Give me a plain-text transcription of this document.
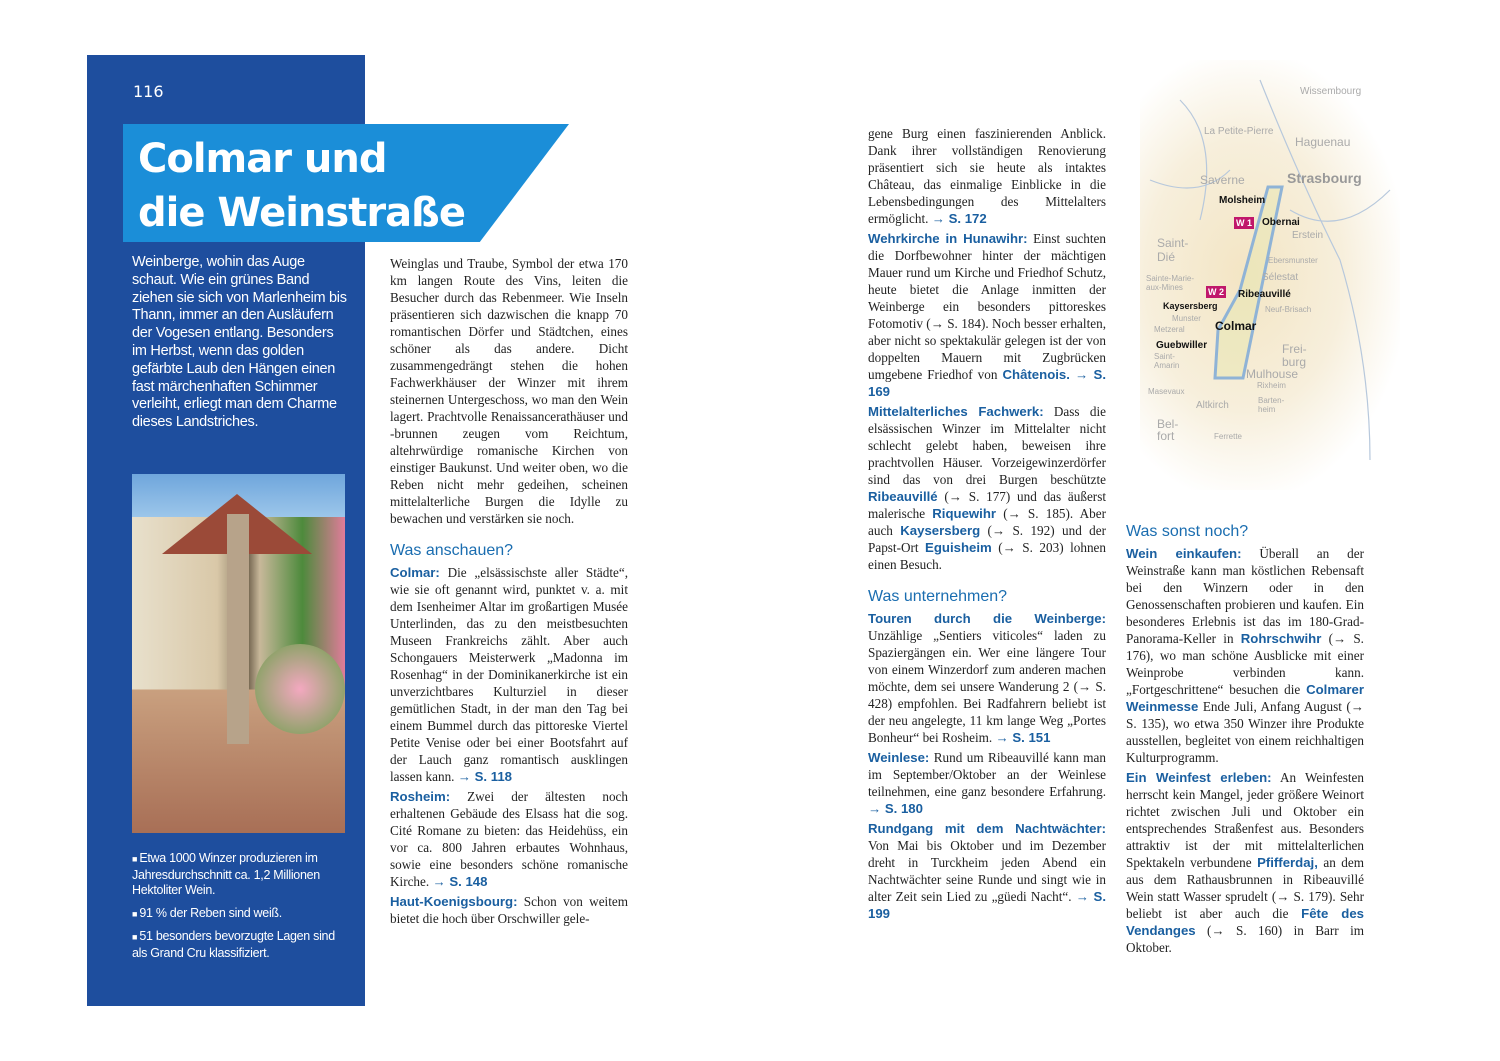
116
Colmar und
die Weinstraße
Weinberge, wohin das Auge schaut. Wie ein grünes Band ziehen sie sich von Marlenheim bis Thann, immer an den Ausläufern der Vogesen entlang. Besonders im Herbst, wenn das golden gefärbte Laub den Hängen einen fast märchenhaften Schimmer verleiht, erliegt man dem Charme dieses Landstriches.
■ Etwa 1000 Winzer produzieren im Jahresdurchschnitt ca. 1,2 Millionen Hektoliter Wein.
■ 91 % der Reben sind weiß.
■ 51 besonders bevorzugte Lagen sind als Grand Cru klassifiziert.

Weinglas und Traube, Symbol der etwa 170 km langen Route des Vins, leiten die Besucher durch das Rebenmeer. Wie Inseln präsentieren sich dazwischen die knapp 70 romantischen Dörfer und Städtchen, eines schöner als das andere. Dicht zusammengedrängt stehen die hohen Fachwerkhäuser der Winzer mit ihrem steinernen Untergeschoss, wo man den Wein lagert. Prachtvolle Renaissancerathäuser und -brunnen zeugen vom Reichtum, altehrwürdige romanische Kirchen von einstiger Baukunst. Und weiter oben, wo die Reben nicht mehr gedeihen, scheinen mittelalterliche Burgen die Idylle zu bewachen und verstärken sie noch.

Was anschauen?

Colmar: Die „elsässischste aller Städte“, wie sie oft genannt wird, punktet v. a. mit dem Isenheimer Altar im großartigen Musée Unterlinden, das zu den meistbesuchten Museen Frankreichs zählt. Aber auch Schongauers Meisterwerk „Madonna im Rosenhag“ in der Dominikanerkirche ist ein unverzichtbares Kulturziel in dieser gemütlichen Stadt, in der man den Tag bei einem Bummel durch das pittoreske Viertel Petite Venise oder bei einer Bootsfahrt auf der Lauch ganz romantisch ausklingen lassen kann. → S. 118

Rosheim: Zwei der ältesten noch erhaltenen Gebäude des Elsass hat die sog. Cité Romane zu bieten: das Heidehüss, ein vor ca. 800 Jahren erbautes Wohnhaus, sowie eine besonders schöne romanische Kirche. → S. 148

Haut-Koenigsbourg: Schon von weitem bietet die hoch über Orschwiller gele-

gene Burg einen faszinierenden Anblick. Dank ihrer vollständigen Renovierung präsentiert sich sie heute als intaktes Château, das einmalige Einblicke in die Lebensbedingungen des Mittelalters ermöglicht. → S. 172

Wehrkirche in Hunawihr: Einst suchten die Dorfbewohner hinter der mächtigen Mauer rund um Kirche und Friedhof Schutz, heute bietet die Anlage inmitten der Weinberge ein besonders pittoreskes Fotomotiv (→ S. 184). Noch besser erhalten, aber nicht so spektakulär gelegen ist der von doppelten Mauern mit Zugbrücken umgebene Friedhof von Châtenois. → S. 169

Mittelalterliches Fachwerk: Dass die elsässischen Winzer im Mittelalter nicht schlecht gelebt haben, beweisen ihre prachtvollen Häuser. Vorzeigewinzerdörfer sind das von drei Burgen beschützte Ribeauvillé (→ S. 177) und das äußerst malerische Riquewihr (→ S. 185). Aber auch Kaysersberg (→ S. 192) und der Papst-Ort Eguisheim (→ S. 203) lohnen einen Besuch.

Was unternehmen?

Touren durch die Weinberge: Unzählige „Sentiers viticoles“ laden zu Spaziergängen ein. Wer eine längere Tour von einem Winzerdorf zum anderen machen möchte, dem sei unsere Wanderung 2 (→ S. 428) empfohlen. Bei Radfahrern beliebt ist der neu angelegte, 11 km lange Weg „Portes Bonheur“ bei Rosheim. → S. 151

Weinlese: Rund um Ribeauvillé kann man im September/Oktober an der Weinlese teilnehmen, eine ganz besondere Erfahrung. → S. 180

Rundgang mit dem Nachtwächter: Von Mai bis Oktober und im Dezember dreht in Turckheim jeden Abend ein Nachtwächter seine Runde und singt wie in alter Zeit sein Lied zu „güedi Nacht“. → S. 199

Was sonst noch?

Wein einkaufen: Überall an der Weinstraße kann man köstlichen Rebensaft bei den Winzern oder in den Genossenschaften probieren und kaufen. Ein besonderes Erlebnis ist das im 180-Grad-Panorama-Keller in Rohrschwihr (→ S. 176), wo man schöne Ausblicke mit einer Weinprobe verbinden kann. „Fortgeschrittene“ besuchen die Colmarer Weinmesse Ende Juli, Anfang August (→ S. 135), wo etwa 350 Winzer ihre Produkte ausstellen, begleitet von einem reichhaltigen Kulturprogramm.

Ein Weinfest erleben: An Weinfesten herrscht kein Mangel, jeder größere Weinort richtet zwischen Juli und Oktober ein entsprechendes Straßenfest aus. Besonders attraktiv ist der mit mittelalterlichen Spektakeln verbundene Pfifferdaj, an dem aus dem Rathausbrunnen in Ribeauvillé Wein statt Wasser sprudelt (→ S. 179). Sehr beliebt ist aber auch die Fête des Vendanges (→ S. 160) in Barr im Oktober.

Wissembourg
La Petite-Pierre
Haguenau
Saverne	Strasbourg
Molsheim
W 1 Obernai
Erstein
Saint-Dié	Ebersmunster
Sainte-Marie-aux-Mines
Sélestat
W 2 Ribeauvillé
Kaysersberg	Neuf-Brisach
Munster
Metzeral	Colmar
Guebwiller	Frei-burg
Saint-Amarin
Mulhouse
Rixheim
Masevaux
Barten-heim
Altkirch
Bel-fort	Ferrette
